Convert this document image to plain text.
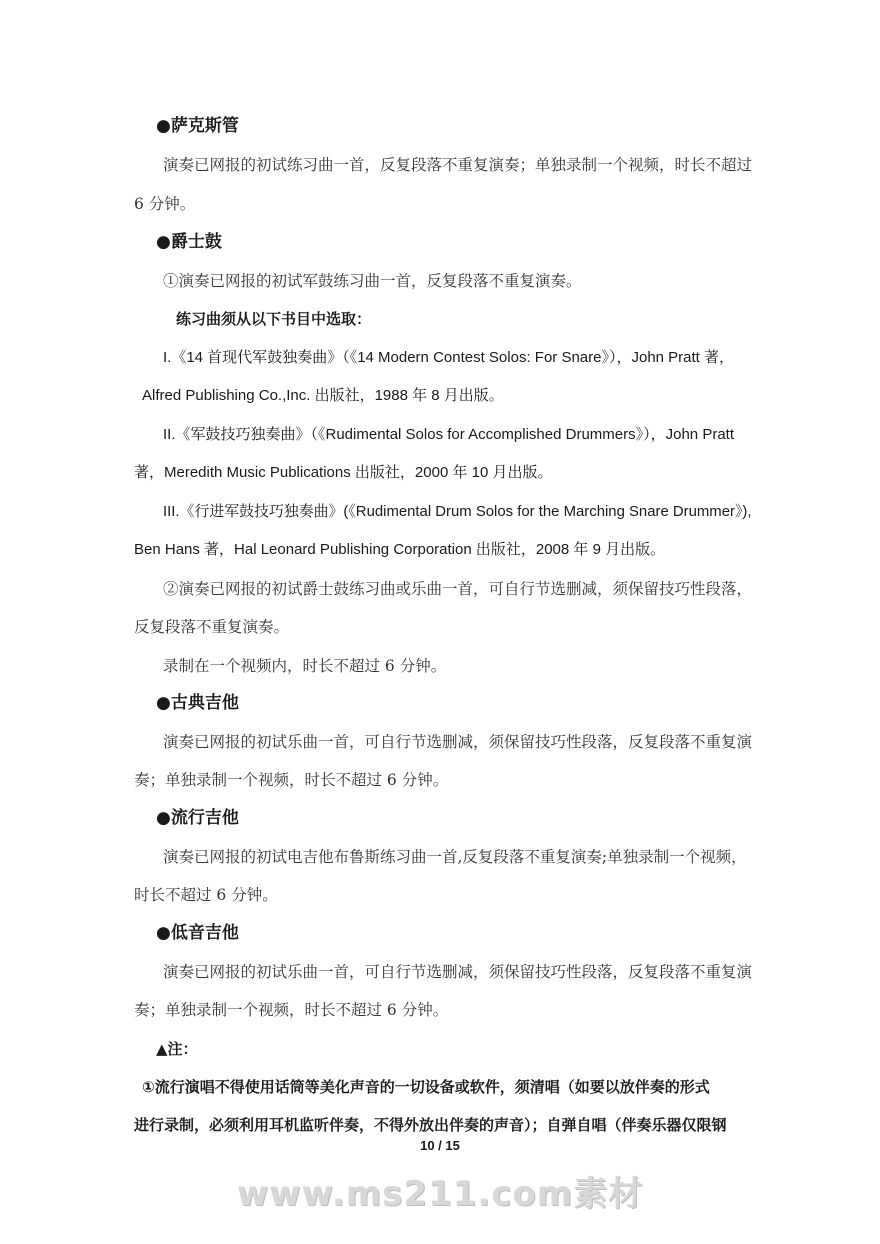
●萨克斯管
演奏已网报的初试练习曲一首，反复段落不重复演奏；单独录制一个视频，时长不超过
6 分钟。
●爵士鼓
①演奏已网报的初试军鼓练习曲一首，反复段落不重复演奏。
练习曲须从以下书目中选取：
I.《14 首现代军鼓独奏曲》（《14 Modern Contest Solos: For Snare》），John Pratt 著，
Alfred Publishing Co.,Inc. 出版社，1988 年 8 月出版。
II.《军鼓技巧独奏曲》（《Rudimental Solos for Accomplished Drummers》），John Pratt
著，Meredith Music Publications 出版社，2000 年 10 月出版。
III.《行进军鼓技巧独奏曲》(《Rudimental Drum Solos for the Marching Snare Drummer》),
Ben Hans 著，Hal Leonard Publishing Corporation 出版社，2008 年 9 月出版。
②演奏已网报的初试爵士鼓练习曲或乐曲一首，可自行节选删减，须保留技巧性段落，
反复段落不重复演奏。
录制在一个视频内，时长不超过 6 分钟。
●古典吉他
演奏已网报的初试乐曲一首，可自行节选删减，须保留技巧性段落，反复段落不重复演
奏；单独录制一个视频，时长不超过 6 分钟。
●流行吉他
演奏已网报的初试电吉他布鲁斯练习曲一首,反复段落不重复演奏;单独录制一个视频，
时长不超过 6 分钟。
●低音吉他
演奏已网报的初试乐曲一首，可自行节选删减，须保留技巧性段落，反复段落不重复演
奏；单独录制一个视频，时长不超过 6 分钟。
▲注：
①流行演唱不得使用话筒等美化声音的一切设备或软件，须清唱（如要以放伴奏的形式
进行录制，必须利用耳机监听伴奏，不得外放出伴奏的声音）；自弹自唱（伴奏乐器仅限钢
10 / 15
www.ms211.com素材
